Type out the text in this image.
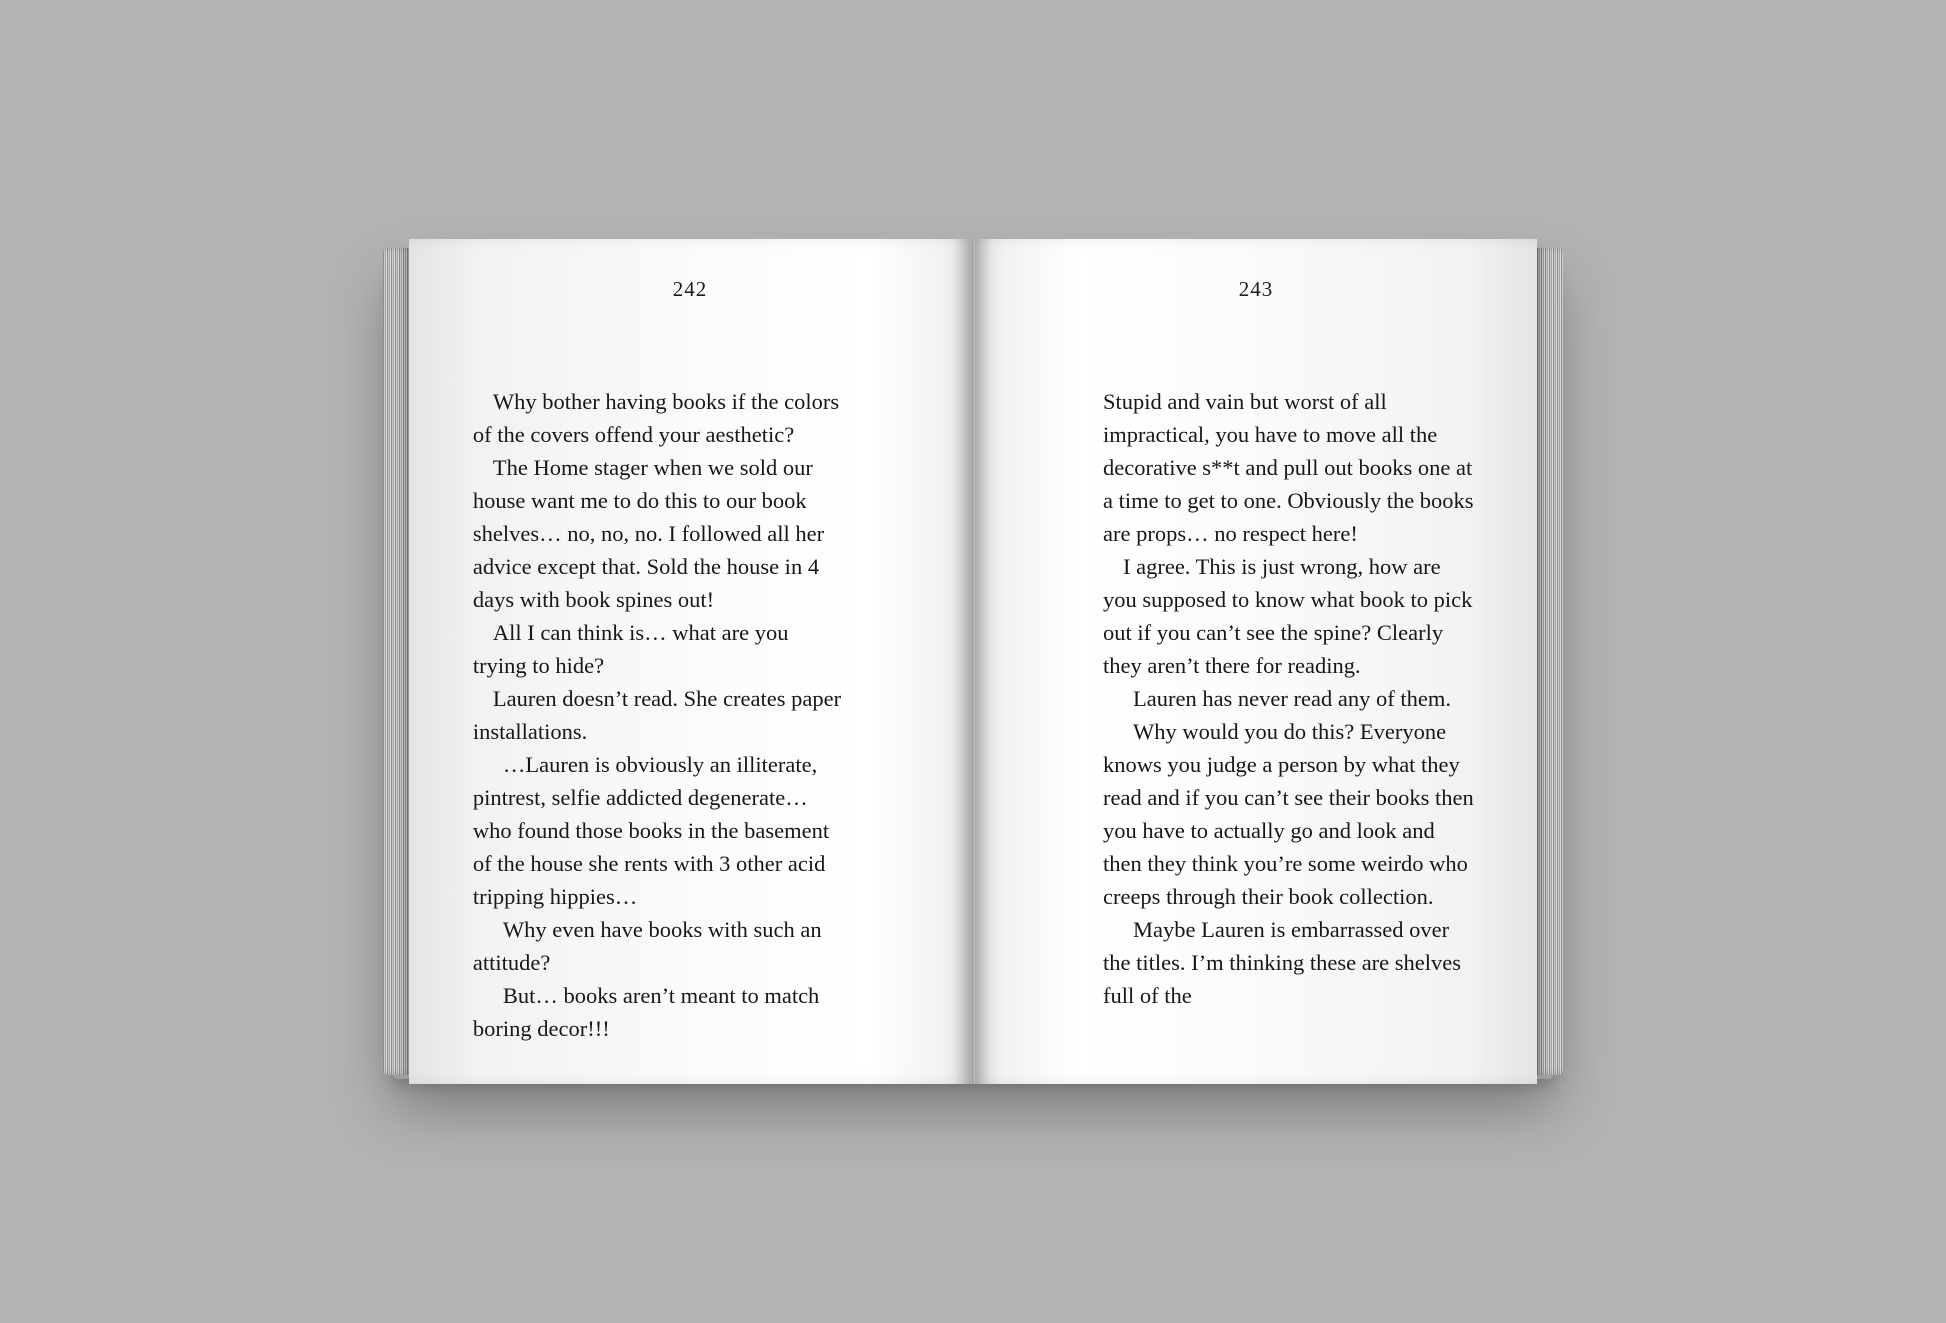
242

Why bother having books if the colors of the covers offend your aesthetic?

The Home stager when we sold our house want me to do this to our book shelves… no, no, no. I followed all her advice except that. Sold the house in 4 days with book spines out!

All I can think is… what are you trying to hide?

Lauren doesn’t read. She creates paper installations.

…Lauren is obviously an illiterate, pintrest, selfie addicted degenerate… who found those books in the basement of the house she rents with 3 other acid tripping hippies…

Why even have books with such an attitude?

But… books aren’t meant to match boring decor!!!

243

Stupid and vain but worst of all impractical, you have to move all the decorative s**t and pull out books one at a time to get to one. Obviously the books are props… no respect here!

I agree. This is just wrong, how are you supposed to know what book to pick out if you can’t see the spine? Clearly they aren’t there for reading.

Lauren has never read any of them.

Why would you do this? Everyone knows you judge a person by what they read and if you can’t see their books then you have to actually go and look and then they think you’re some weirdo who creeps through their book collection.

Maybe Lauren is embarrassed over the titles. I’m thinking these are shelves full of the
